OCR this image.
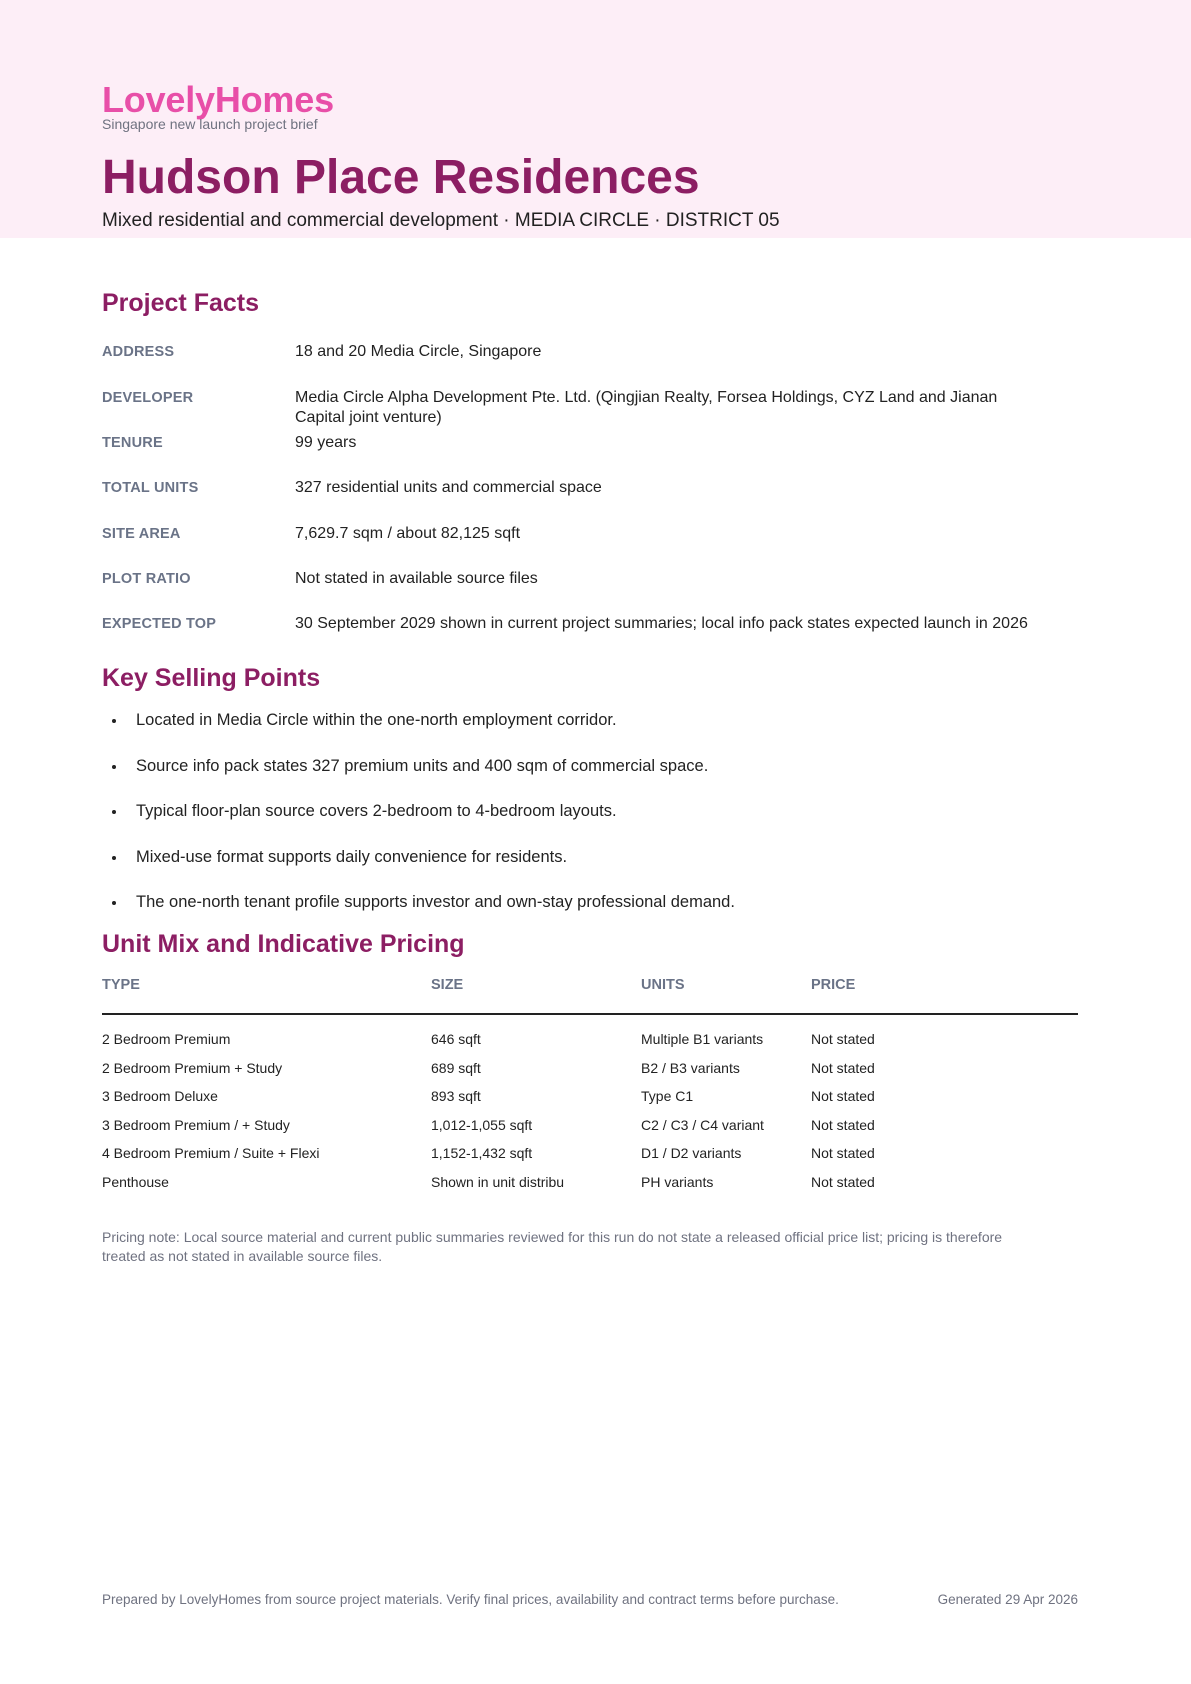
LovelyHomes
Singapore new launch project brief
Hudson Place Residences
Mixed residential and commercial development · MEDIA CIRCLE · DISTRICT 05
Project Facts
ADDRESS	18 and 20 Media Circle, Singapore
DEVELOPER	Media Circle Alpha Development Pte. Ltd. (Qingjian Realty, Forsea Holdings, CYZ Land and Jianan Capital joint venture)
TENURE	99 years
TOTAL UNITS	327 residential units and commercial space
SITE AREA	7,629.7 sqm / about 82,125 sqft
PLOT RATIO	Not stated in available source files
EXPECTED TOP	30 September 2029 shown in current project summaries; local info pack states expected launch in 2026
Key Selling Points
Located in Media Circle within the one-north employment corridor.
Source info pack states 327 premium units and 400 sqm of commercial space.
Typical floor-plan source covers 2-bedroom to 4-bedroom layouts.
Mixed-use format supports daily convenience for residents.
The one-north tenant profile supports investor and own-stay professional demand.
Unit Mix and Indicative Pricing
TYPE	SIZE	UNITS	PRICE
2 Bedroom Premium	646 sqft	Multiple B1 variants	Not stated
2 Bedroom Premium + Study	689 sqft	B2 / B3 variants	Not stated
3 Bedroom Deluxe	893 sqft	Type C1	Not stated
3 Bedroom Premium / + Study	1,012-1,055 sqft	C2 / C3 / C4 variant	Not stated
4 Bedroom Premium / Suite + Flexi	1,152-1,432 sqft	D1 / D2 variants	Not stated
Penthouse	Shown in unit distribu	PH variants	Not stated
Pricing note: Local source material and current public summaries reviewed for this run do not state a released official price list; pricing is therefore treated as not stated in available source files.
Prepared by LovelyHomes from source project materials. Verify final prices, availability and contract terms before purchase.	Generated 29 Apr 2026
